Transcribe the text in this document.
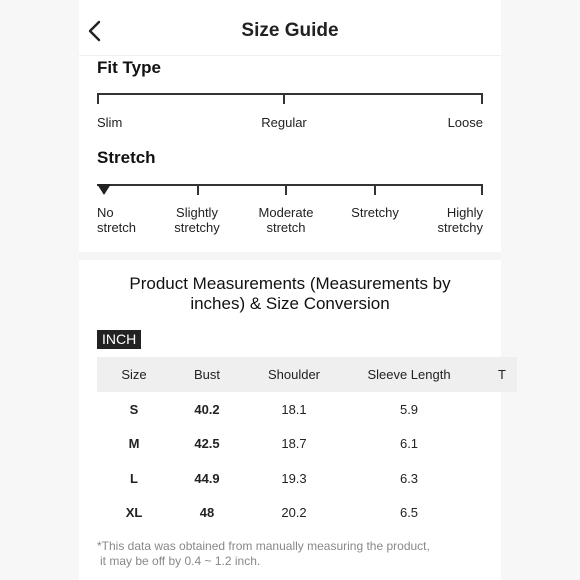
Size Guide
Fit Type
Slim	Regular	Loose
Stretch
No
stretch
Slightly
stretchy
Moderate
stretch
Stretchy	Highly
stretchy
Product Measurements (Measurements by
inches) & Size Conversion
INCH
Size	Bust	Shoulder	Sleeve Length	T
S	40.2	18.1	5.9
M	42.5	18.7	6.1
L	44.9	19.3	6.3
XL	48	20.2	6.5
*This data was obtained from manually measuring the product,
it may be off by 0.4 ~ 1.2 inch.
